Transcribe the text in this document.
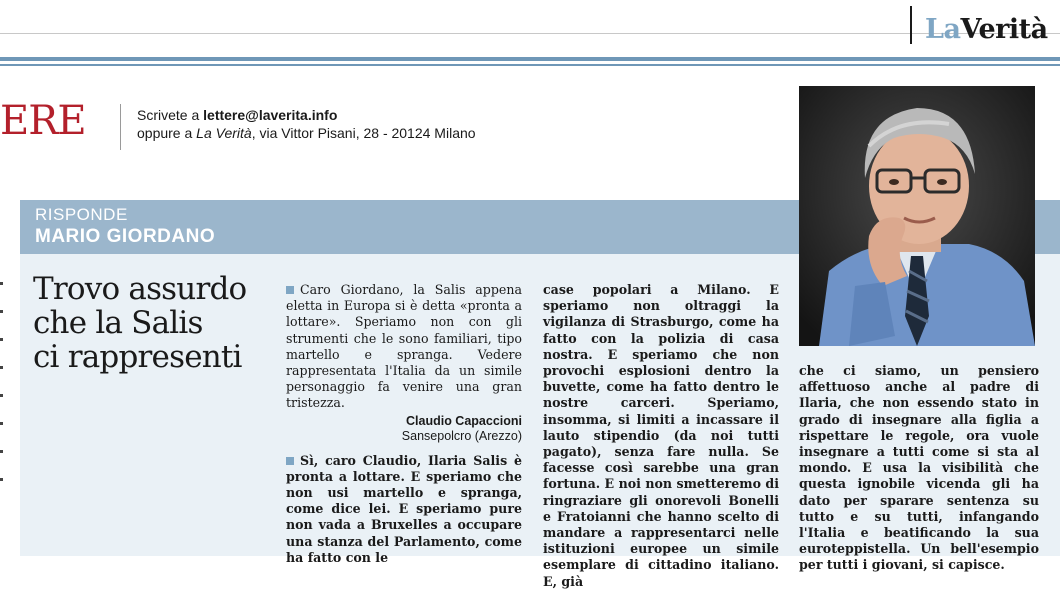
LaVerità
ERE	Scrivete a lettere@laverita.info
oppure a La Verità, via Vittor Pisani, 28 - 20124 Milano
RISPONDE
MARIO GIORDANO
Trovo assurdo
che la Salis
ci rappresenti

Caro Giordano, la Salis appena eletta in Europa si è detta «pronta a lottare». Speriamo non con gli strumenti che le sono familiari, tipo martello e spranga. Vedere rappresentata l'Italia da un simile personaggio fa venire una gran tristezza.

Claudio Capaccioni
Sansepolcro (Arezzo)

Sì, caro Claudio, Ilaria Salis è pronta a lottare. E speriamo che non usi martello e spranga, come dice lei. E speriamo pure non vada a Bruxelles a occupare una stanza del Parlamento, come ha fatto con le

case popolari a Milano. E speriamo non oltraggi la vigilanza di Strasburgo, come ha fatto con la polizia di casa nostra. E speriamo che non provochi esplosioni dentro la buvette, come ha fatto dentro le nostre carceri. Speriamo, insomma, si limiti a incassare il lauto stipendio (da noi tutti pagato), senza fare nulla. Se facesse così sarebbe una gran fortuna. E noi non smetteremo di ringraziare gli onorevoli Bonelli e Fratoianni che hanno scelto di mandare a rappresentarci nelle istituzioni europee un simile esemplare di cittadino italiano. E, già

che ci siamo, un pensiero affettuoso anche al padre di Ilaria, che non essendo stato in grado di insegnare alla figlia a rispettare le regole, ora vuole insegnare a tutti come si sta al mondo. E usa la visibilità che questa ignobile vicenda gli ha dato per sparare sentenza su tutto e su tutti, infangando l'Italia e beatificando la sua euroteppistella. Un bell'esempio per tutti i giovani, si capisce.
